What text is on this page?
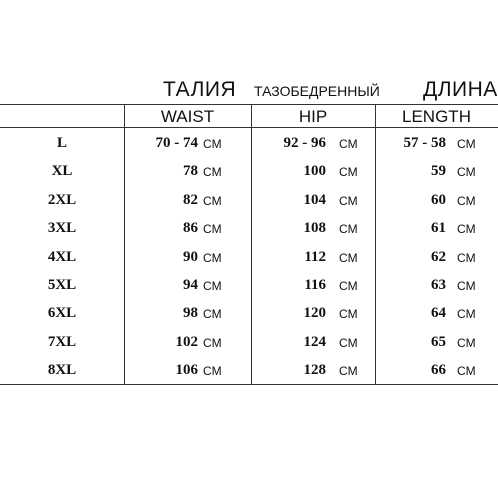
ТАЛИЯ ТАЗОБЕДРЕННЫЙ ДЛИНА
WAIST	HIP	LENGTH
L	70 - 74 CM	92 - 96 CM	57 - 58 CM
XL	78 CM	100 CM	59 CM
2XL	82 CM	104 CM	60 CM
3XL	86 CM	108 CM	61 CM
4XL	90 CM	112 CM	62 CM
5XL	94 CM	116 CM	63 CM
6XL	98 CM	120 CM	64 CM
7XL	102 CM	124 CM	65 CM
8XL	106 CM	128 CM	66 CM
